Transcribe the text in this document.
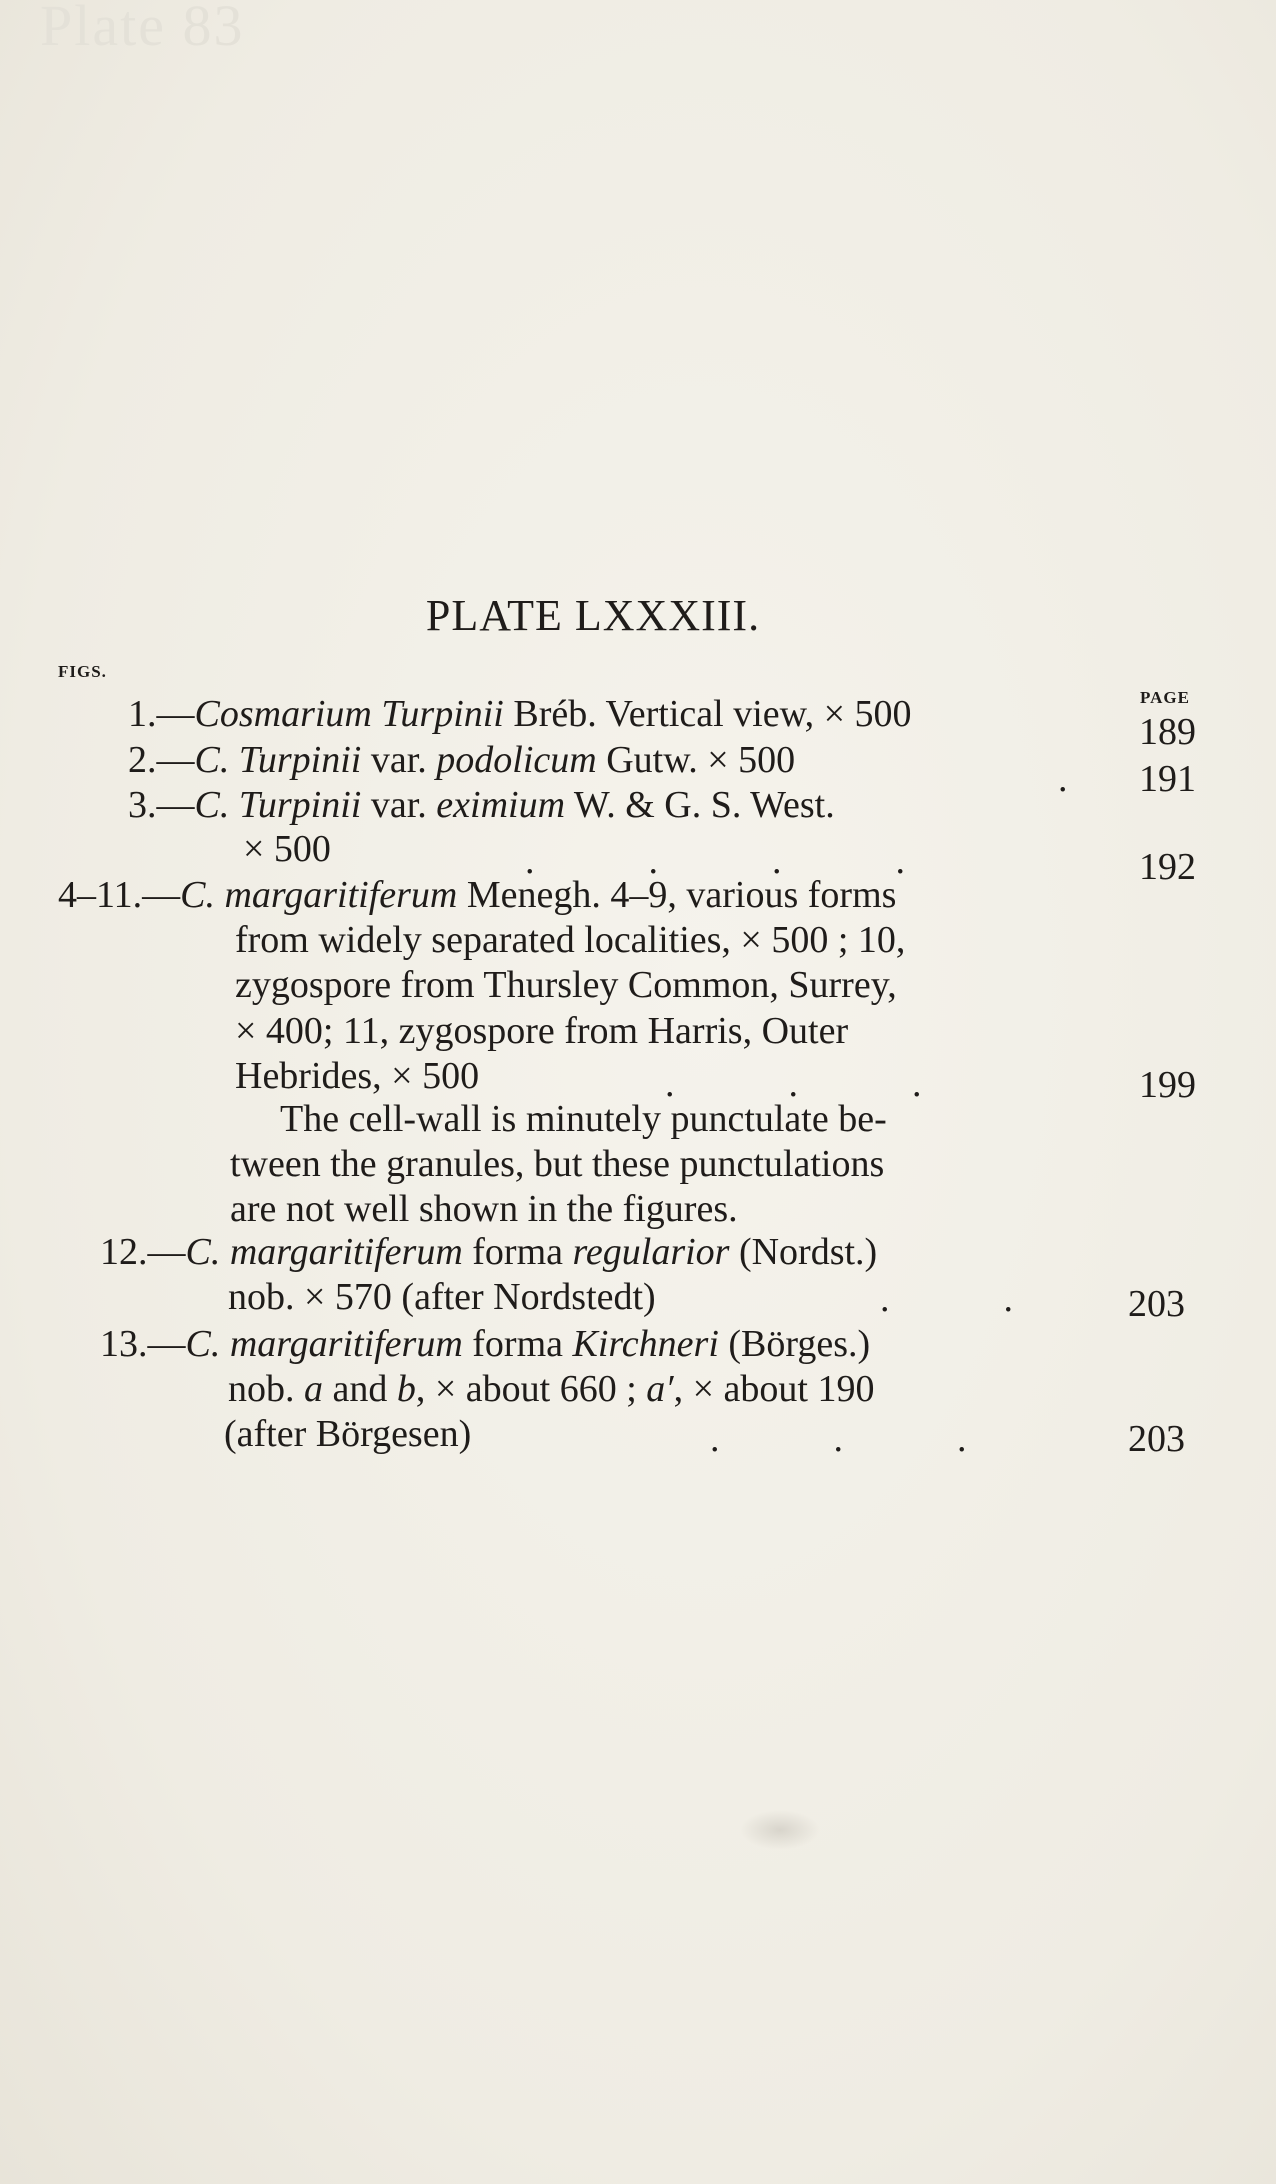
Plate 83
PLATE LXXXIII.
FIGS.
PAGE
1.—Cosmarium Turpinii Bréb. Vertical view, × 500	189
2.—C. Turpinii var. podolicum Gutw. × 500	. 191
3.—C. Turpinii var. eximium W. & G. S. West.
× 500	.            .            .            .	192
4–11.—C. margaritiferum Menegh. 4–9, various forms
from widely separated localities, × 500 ; 10,
zygospore from Thursley Common, Surrey,
× 400; 11, zygospore from Harris, Outer
Hebrides, × 500	.            .            .	199
The cell-wall is minutely punctulate be-
tween the granules, but these punctulations
are not well shown in the figures.
12.—C. margaritiferum forma regularior (Nordst.)
nob. × 570 (after Nordstedt)	.            .	203
13.—C. margaritiferum forma Kirchneri (Börges.)
nob. a and b, × about 660 ; a′, × about 190
(after Börgesen)	.            .            .	203
